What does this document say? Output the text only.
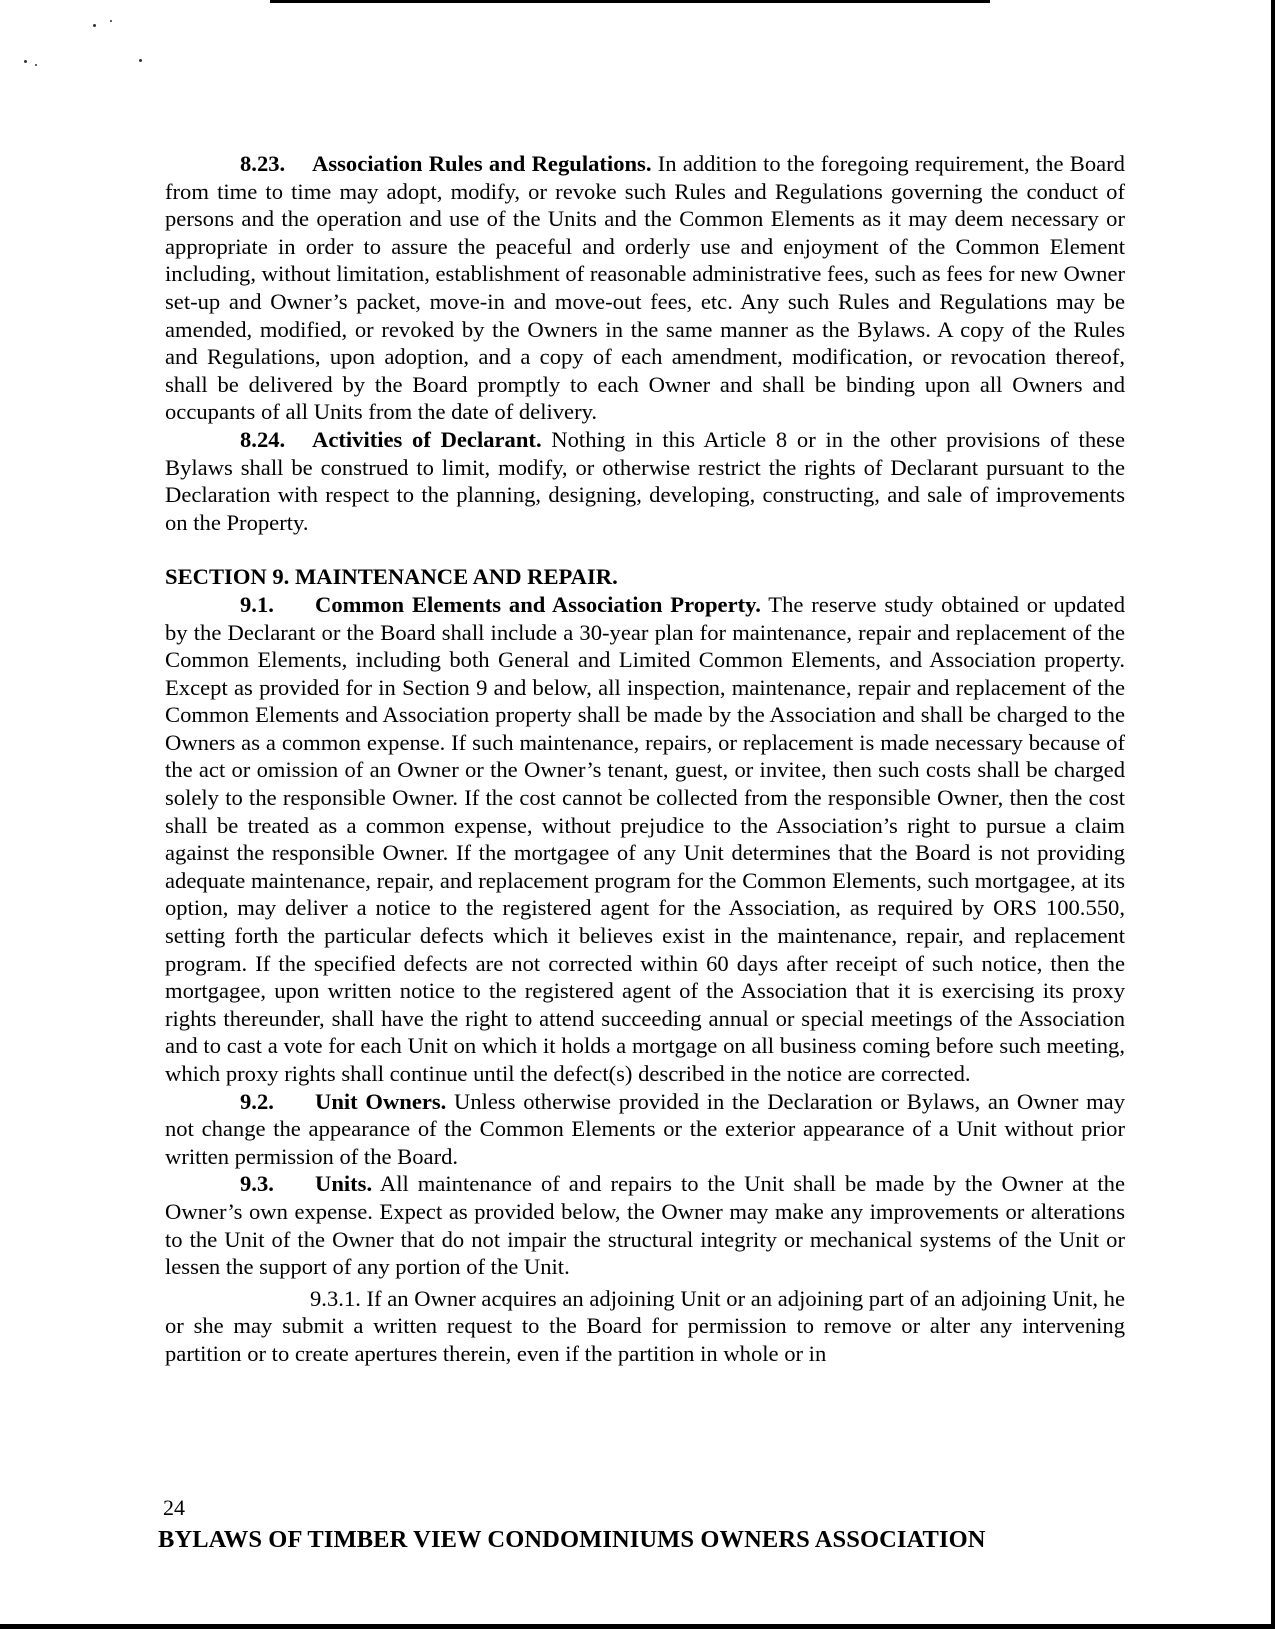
8.23. Association Rules and Regulations. In addition to the foregoing requirement, the Board from time to time may adopt, modify, or revoke such Rules and Regulations governing the conduct of persons and the operation and use of the Units and the Common Elements as it may deem necessary or appropriate in order to assure the peaceful and orderly use and enjoyment of the Common Element including, without limitation, establishment of reasonable administrative fees, such as fees for new Owner set-up and Owner’s packet, move-in and move-out fees, etc. Any such Rules and Regulations may be amended, modified, or revoked by the Owners in the same manner as the Bylaws. A copy of the Rules and Regulations, upon adoption, and a copy of each amendment, modification, or revocation thereof, shall be delivered by the Board promptly to each Owner and shall be binding upon all Owners and occupants of all Units from the date of delivery.

8.24. Activities of Declarant. Nothing in this Article 8 or in the other provisions of these Bylaws shall be construed to limit, modify, or otherwise restrict the rights of Declarant pursuant to the Declaration with respect to the planning, designing, developing, constructing, and sale of improvements on the Property.

SECTION 9. MAINTENANCE AND REPAIR.

9.1. Common Elements and Association Property. The reserve study obtained or updated by the Declarant or the Board shall include a 30-year plan for maintenance, repair and replacement of the Common Elements, including both General and Limited Common Elements, and Association property. Except as provided for in Section 9 and below, all inspection, maintenance, repair and replacement of the Common Elements and Association property shall be made by the Association and shall be charged to the Owners as a common expense. If such maintenance, repairs, or replacement is made necessary because of the act or omission of an Owner or the Owner’s tenant, guest, or invitee, then such costs shall be charged solely to the responsible Owner. If the cost cannot be collected from the responsible Owner, then the cost shall be treated as a common expense, without prejudice to the Association’s right to pursue a claim against the responsible Owner. If the mortgagee of any Unit determines that the Board is not providing adequate maintenance, repair, and replacement program for the Common Elements, such mortgagee, at its option, may deliver a notice to the registered agent for the Association, as required by ORS 100.550, setting forth the particular defects which it believes exist in the maintenance, repair, and replacement program. If the specified defects are not corrected within 60 days after receipt of such notice, then the mortgagee, upon written notice to the registered agent of the Association that it is exercising its proxy rights thereunder, shall have the right to attend succeeding annual or special meetings of the Association and to cast a vote for each Unit on which it holds a mortgage on all business coming before such meeting, which proxy rights shall continue until the defect(s) described in the notice are corrected.

9.2. Unit Owners. Unless otherwise provided in the Declaration or Bylaws, an Owner may not change the appearance of the Common Elements or the exterior appearance of a Unit without prior written permission of the Board.

9.3. Units. All maintenance of and repairs to the Unit shall be made by the Owner at the Owner’s own expense. Expect as provided below, the Owner may make any improvements or alterations to the Unit of the Owner that do not impair the structural integrity or mechanical systems of the Unit or lessen the support of any portion of the Unit.

9.3.1. If an Owner acquires an adjoining Unit or an adjoining part of an adjoining Unit, he or she may submit a written request to the Board for permission to remove or alter any intervening partition or to create apertures therein, even if the partition in whole or in

24
BYLAWS OF TIMBER VIEW CONDOMINIUMS OWNERS ASSOCIATION
